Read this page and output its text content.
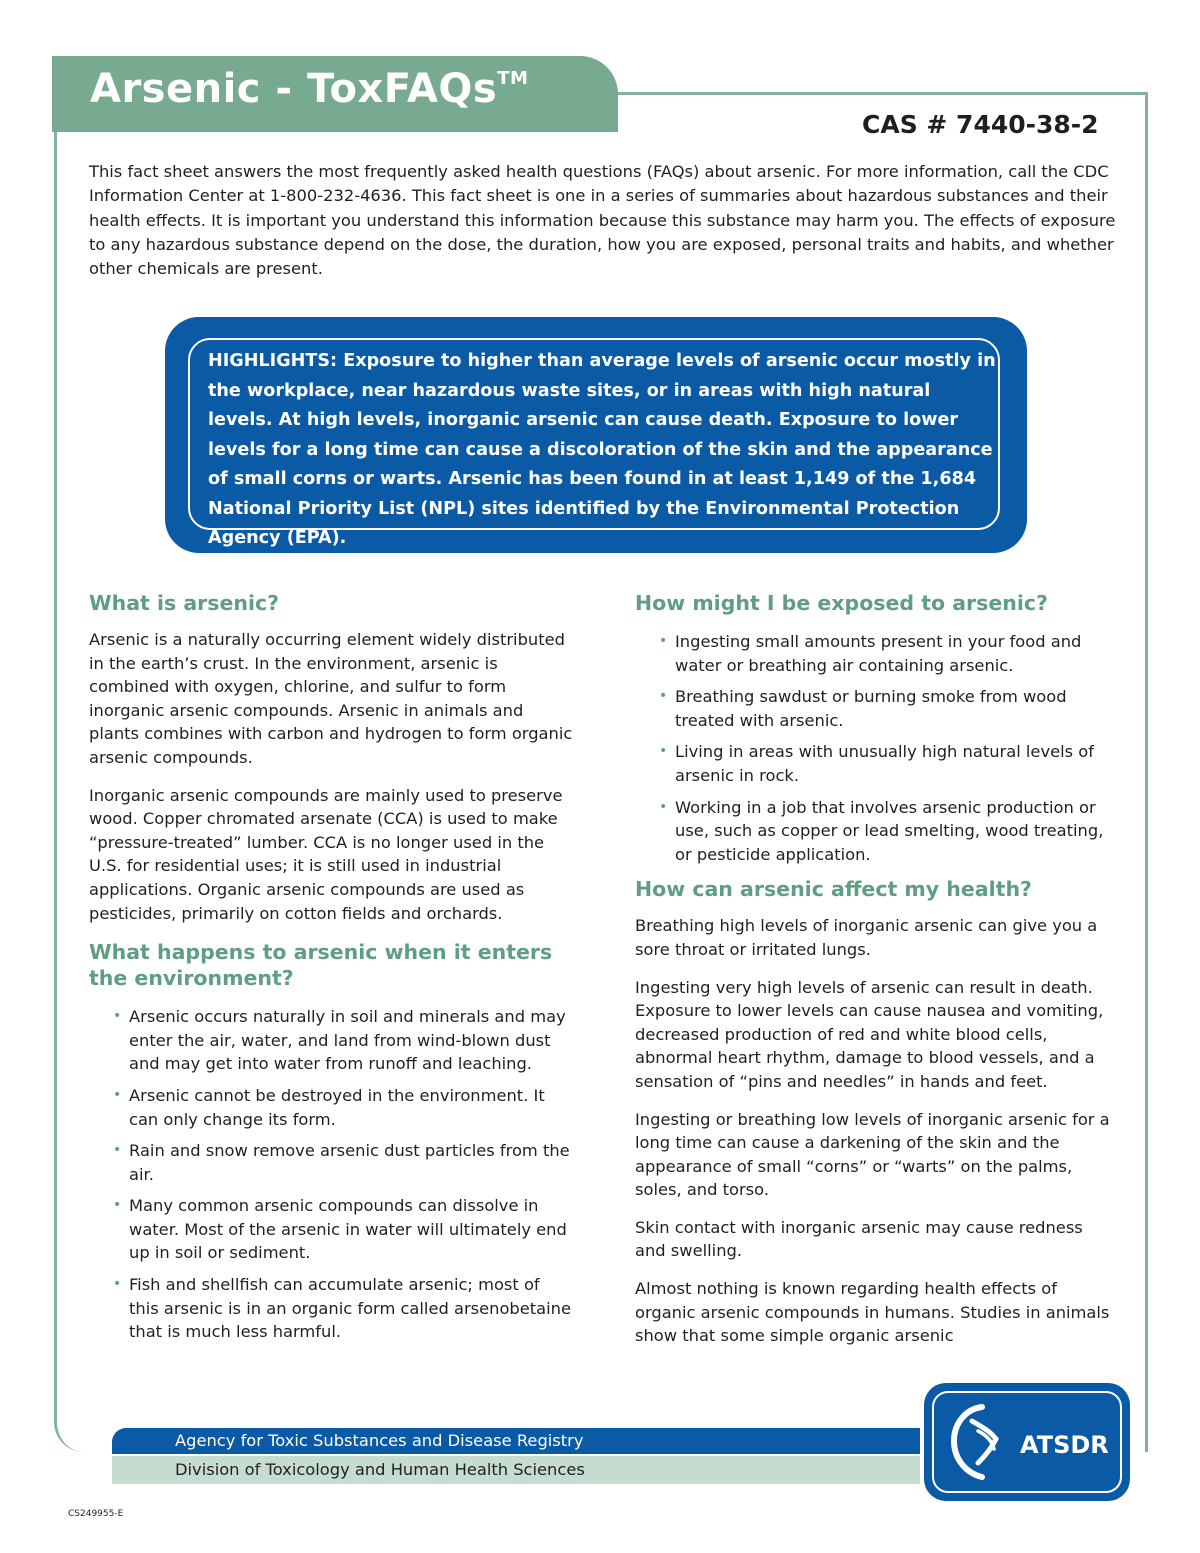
Arsenic - ToxFAQs™
CAS # 7440-38-2

This fact sheet answers the most frequently asked health questions (FAQs) about arsenic. For more information, call the CDC Information Center at 1-800-232-4636. This fact sheet is one in a series of summaries about hazardous substances and their health effects. It is important you understand this information because this substance may harm you. The effects of exposure to any hazardous substance depend on the dose, the duration, how you are exposed, personal traits and habits, and whether other chemicals are present.

HIGHLIGHTS: Exposure to higher than average levels of arsenic occur mostly in the workplace, near hazardous waste sites, or in areas with high natural levels. At high levels, inorganic arsenic can cause death. Exposure to lower levels for a long time can cause a discoloration of the skin and the appearance of small corns or warts. Arsenic has been found in at least 1,149 of the 1,684 National Priority List (NPL) sites identified by the Environmental Protection Agency (EPA).
What is arsenic?

Arsenic is a naturally occurring element widely distributed in the earth’s crust. In the environment, arsenic is combined with oxygen, chlorine, and sulfur to form inorganic arsenic compounds. Arsenic in animals and plants combines with carbon and hydrogen to form organic arsenic compounds.

Inorganic arsenic compounds are mainly used to preserve wood. Copper chromated arsenate (CCA) is used to make “pressure-treated” lumber. CCA is no longer used in the U.S. for residential uses; it is still used in industrial applications. Organic arsenic compounds are used as pesticides, primarily on cotton fields and orchards.

What happens to arsenic when it enters the environment?
• Arsenic occurs naturally in soil and minerals and may enter the air, water, and land from wind-blown dust and may get into water from runoff and leaching.
• Arsenic cannot be destroyed in the environment. It can only change its form.
• Rain and snow remove arsenic dust particles from the air.
• Many common arsenic compounds can dissolve in water. Most of the arsenic in water will ultimately end up in soil or sediment.
• Fish and shellfish can accumulate arsenic; most of this arsenic is in an organic form called arsenobetaine that is much less harmful.
How might I be exposed to arsenic?
• Ingesting small amounts present in your food and water or breathing air containing arsenic.
• Breathing sawdust or burning smoke from wood treated with arsenic.
• Living in areas with unusually high natural levels of arsenic in rock.
• Working in a job that involves arsenic production or use, such as copper or lead smelting, wood treating, or pesticide application.
How can arsenic affect my health?

Breathing high levels of inorganic arsenic can give you a sore throat or irritated lungs.

Ingesting very high levels of arsenic can result in death. Exposure to lower levels can cause nausea and vomiting, decreased production of red and white blood cells, abnormal heart rhythm, damage to blood vessels, and a sensation of “pins and needles” in hands and feet.

Ingesting or breathing low levels of inorganic arsenic for a long time can cause a darkening of the skin and the appearance of small “corns” or “warts” on the palms, soles, and torso.

Skin contact with inorganic arsenic may cause redness and swelling.

Almost nothing is known regarding health effects of organic arsenic compounds in humans. Studies in animals show that some simple organic arsenic

Agency for Toxic Substances and Disease Registry
Division of Toxicology and Human Health Sciences
ATSDR
CS249955-E
